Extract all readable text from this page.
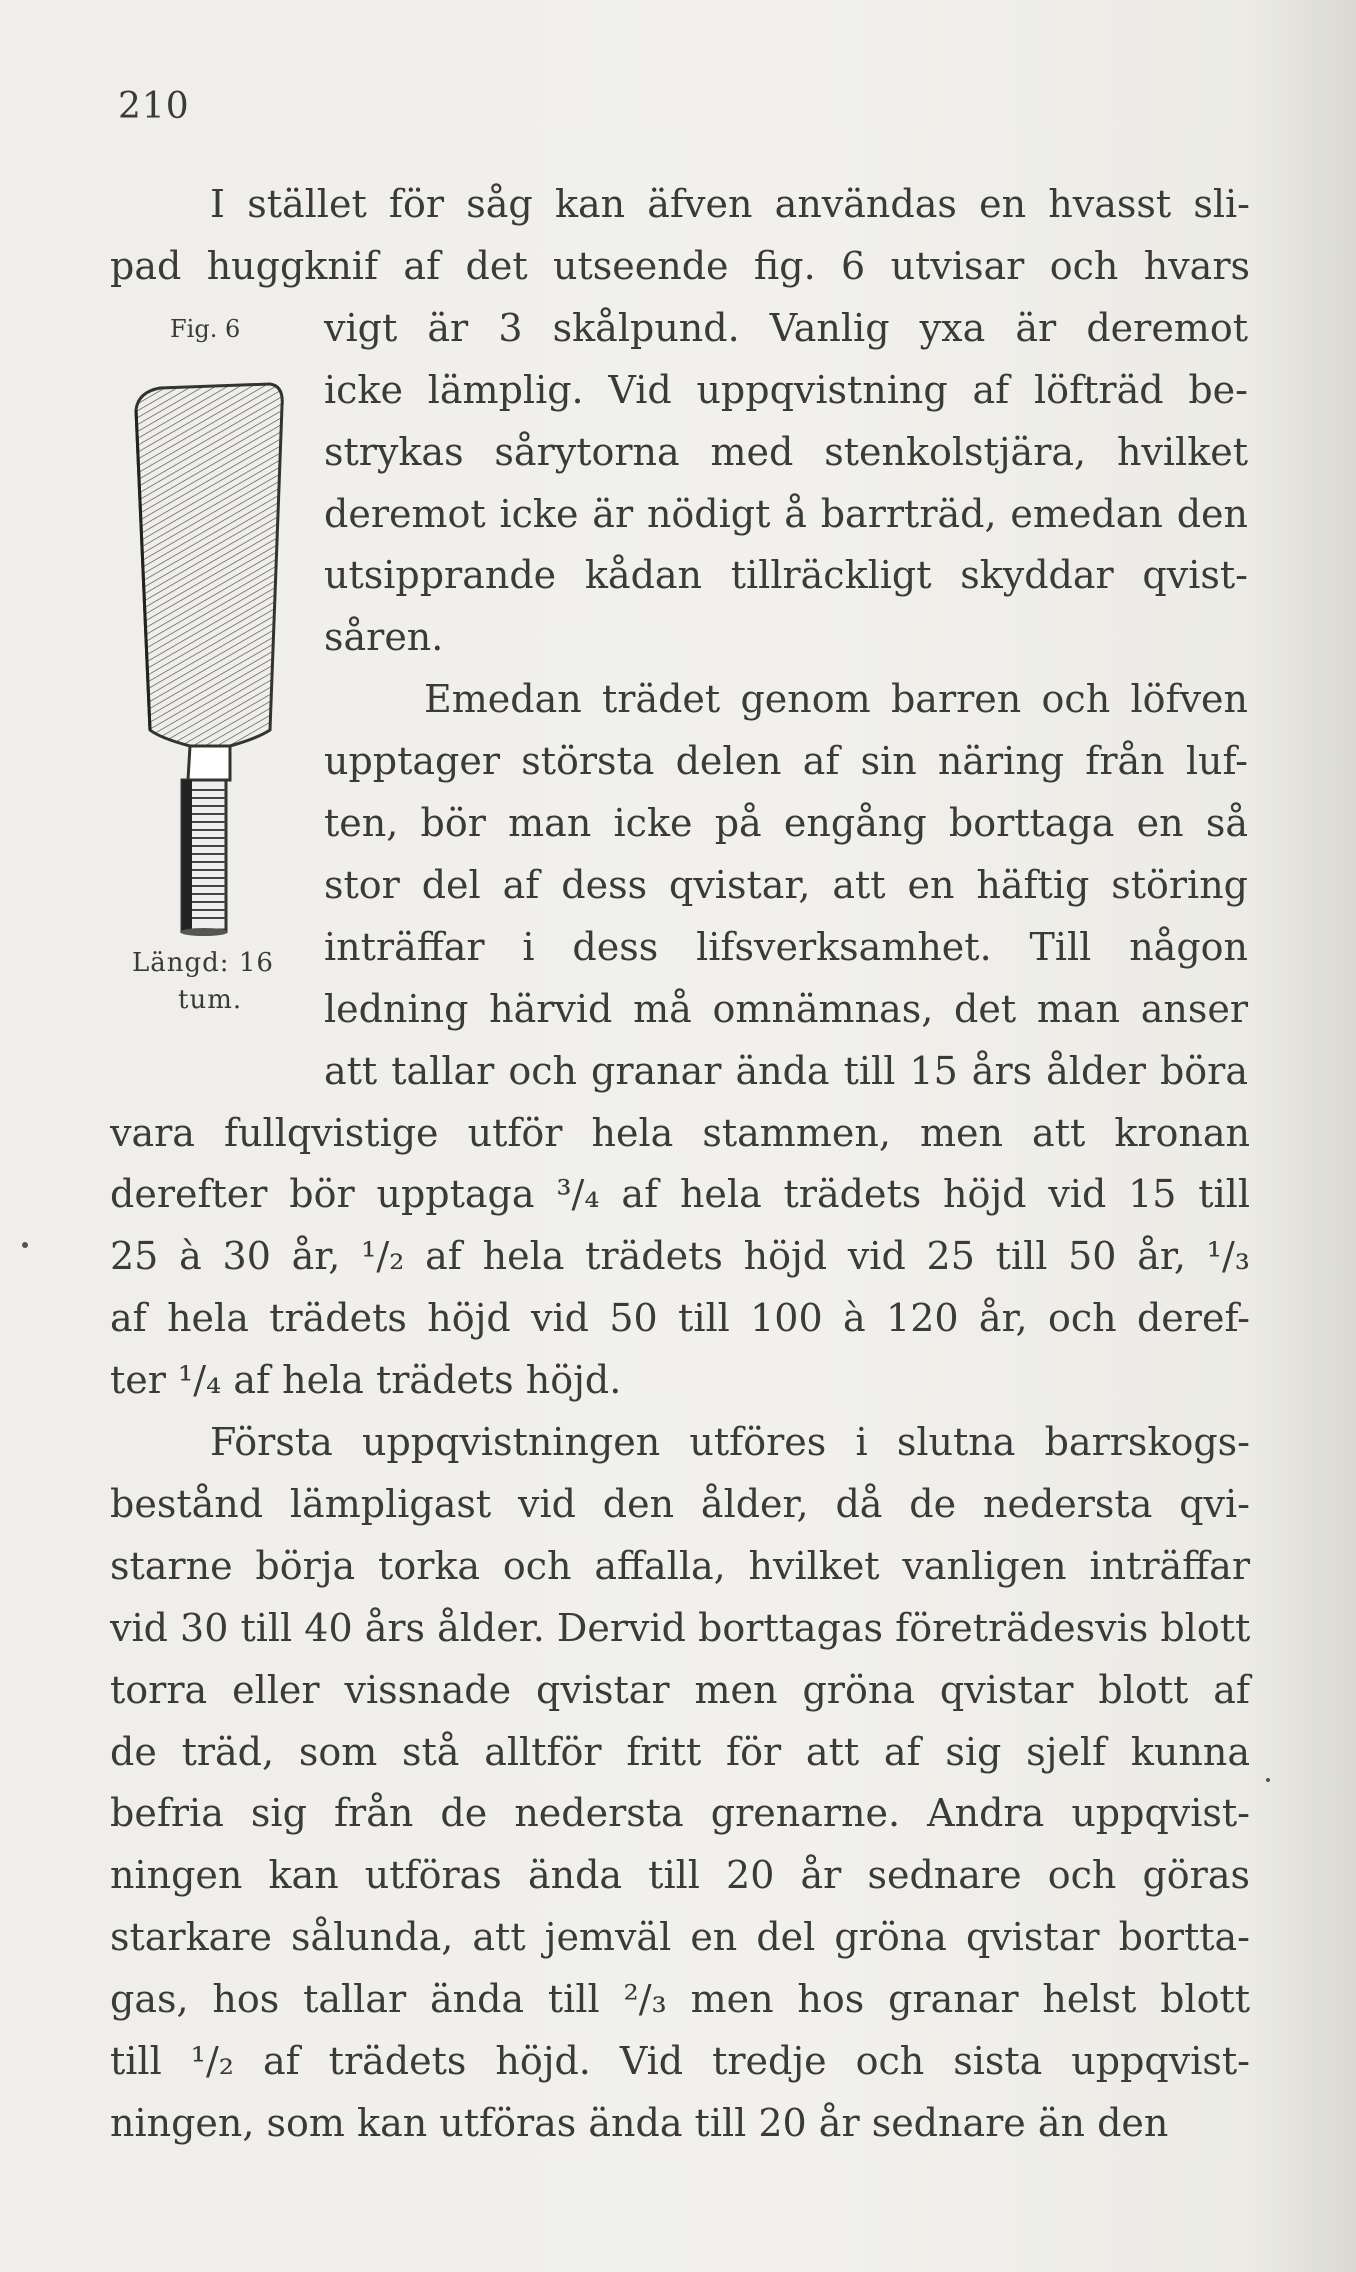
210
Fig. 6
Längd: 16
tum.
I stället för såg kan äfven användas en hvasst sli-
pad huggknif af det utseende fig. 6 utvisar och hvars
vigt är 3 skålpund. Vanlig yxa är deremot
icke lämplig. Vid uppqvistning af löfträd be-
strykas sårytorna med stenkolstjära, hvilket
deremot icke är nödigt å barrträd, emedan den
utsipprande kådan tillräckligt skyddar qvist-
såren.
Emedan trädet genom barren och löfven
upptager största delen af sin näring från luf-
ten, bör man icke på engång borttaga en så
stor del af dess qvistar, att en häftig störing
inträffar i dess lifsverksamhet. Till någon
ledning härvid må omnämnas, det man anser
att tallar och granar ända till 15 års ålder böra
vara fullqvistige utför hela stammen, men att kronan
derefter bör upptaga ³/₄ af hela trädets höjd vid 15 till
25 à 30 år, ¹/₂ af hela trädets höjd vid 25 till 50 år, ¹/₃
af hela trädets höjd vid 50 till 100 à 120 år, och deref-
ter ¹/₄ af hela trädets höjd.
Första uppqvistningen utföres i slutna barrskogs-
bestånd lämpligast vid den ålder, då de nedersta qvi-
starne börja torka och affalla, hvilket vanligen inträffar
vid 30 till 40 års ålder. Dervid borttagas företrädesvis blott
torra eller vissnade qvistar men gröna qvistar blott af
de träd, som stå alltför fritt för att af sig sjelf kunna
befria sig från de nedersta grenarne. Andra uppqvist-
ningen kan utföras ända till 20 år sednare och göras
starkare sålunda, att jemväl en del gröna qvistar bortta-
gas, hos tallar ända till ²/₃ men hos granar helst blott
till ¹/₂ af trädets höjd. Vid tredje och sista uppqvist-
ningen, som kan utföras ända till 20 år sednare än den
